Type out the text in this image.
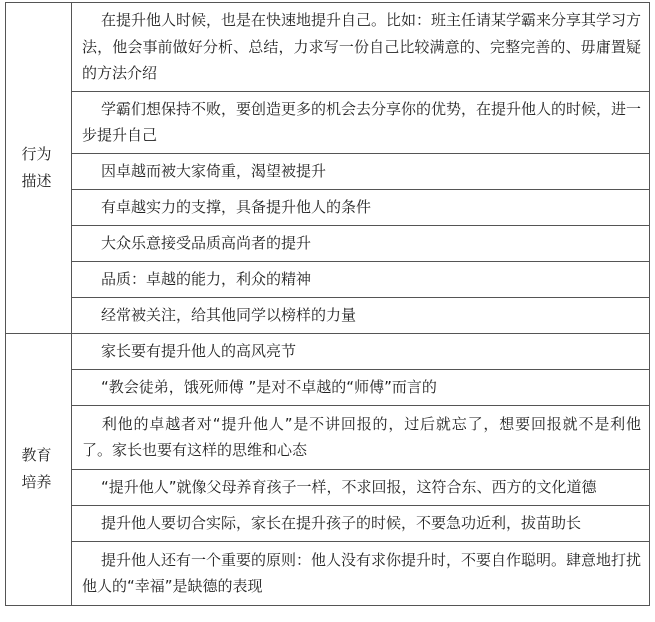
行为描述	在提升他人时候，也是在快速地提升自己。比如：班主任请某学霸来分享其学习方法，他会事前做好分析、总结，力求写一份自己比较满意的、完整完善的、毋庸置疑的方法介绍
	学霸们想保持不败，要创造更多的机会去分享你的优势，在提升他人的时候，进一步提升自己
	因卓越而被大家倚重，渴望被提升
	有卓越实力的支撑，具备提升他人的条件
	大众乐意接受品质高尚者的提升
	品质：卓越的能力，利众的精神
	经常被关注，给其他同学以榜样的力量

教育培养	家长要有提升他人的高风亮节
	“教会徒弟，饿死师傅 ”是对不卓越的“师傅”而言的
	利他的卓越者对“提升他人”是不讲回报的，过后就忘了，想要回报就不是利他了。家长也要有这样的思维和心态
	“提升他人”就像父母养育孩子一样，不求回报，这符合东、西方的文化道德
	提升他人要切合实际，家长在提升孩子的时候，不要急功近利，拔苗助长
	提升他人还有一个重要的原则：他人没有求你提升时，不要自作聪明。肆意地打扰他人的“幸福”是缺德的表现
